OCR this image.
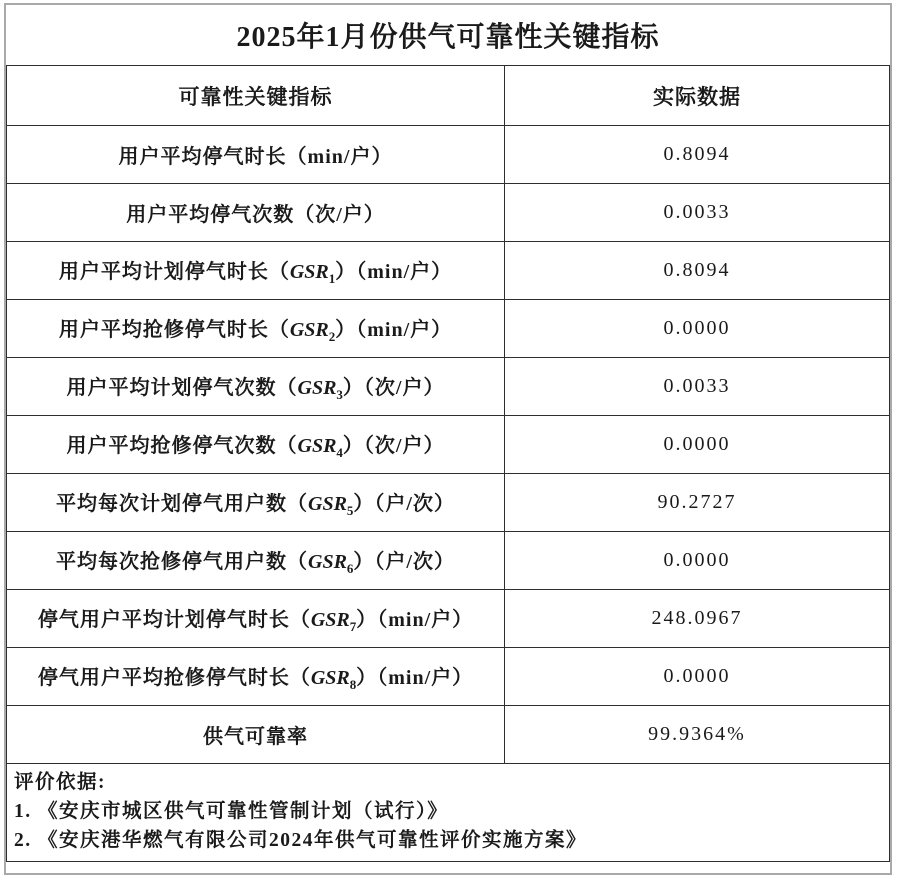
2025年1月份供气可靠性关键指标
可靠性关键指标	实际数据
用户平均停气时长（min/户）	0.8094
用户平均停气次数（次/户）	0.0033
用户平均计划停气时长$(GSR_1)(\min/$户）	0.8094
用户平均抢修停气时长$(GSR_2)(\min/$户）	0.0000
用户平均计划停气次数$(GSR_3)$（次/户）	0.0033
用户平均抢修停气次数$(GSR_4)$（次/户）	0.0000
平均每次计划停气用户数$(GSR_5)$（户/次）	90.2727
平均每次抢修停气用户数$(GSR_6)$（户/次）	0.0000
停气用户平均计划停气时长$(GSR_7)(\min/$户）	248.0967
停气用户平均抢修停气时长$(GSR_8)(\min/$户）	0.0000
供气可靠率	99.9364%

评价依据:
1. 《安庆市城区供气可靠性管制计划（试行）》
2. 《安庆港华燃气有限公司2024年供气可靠性评价实施方案》	
